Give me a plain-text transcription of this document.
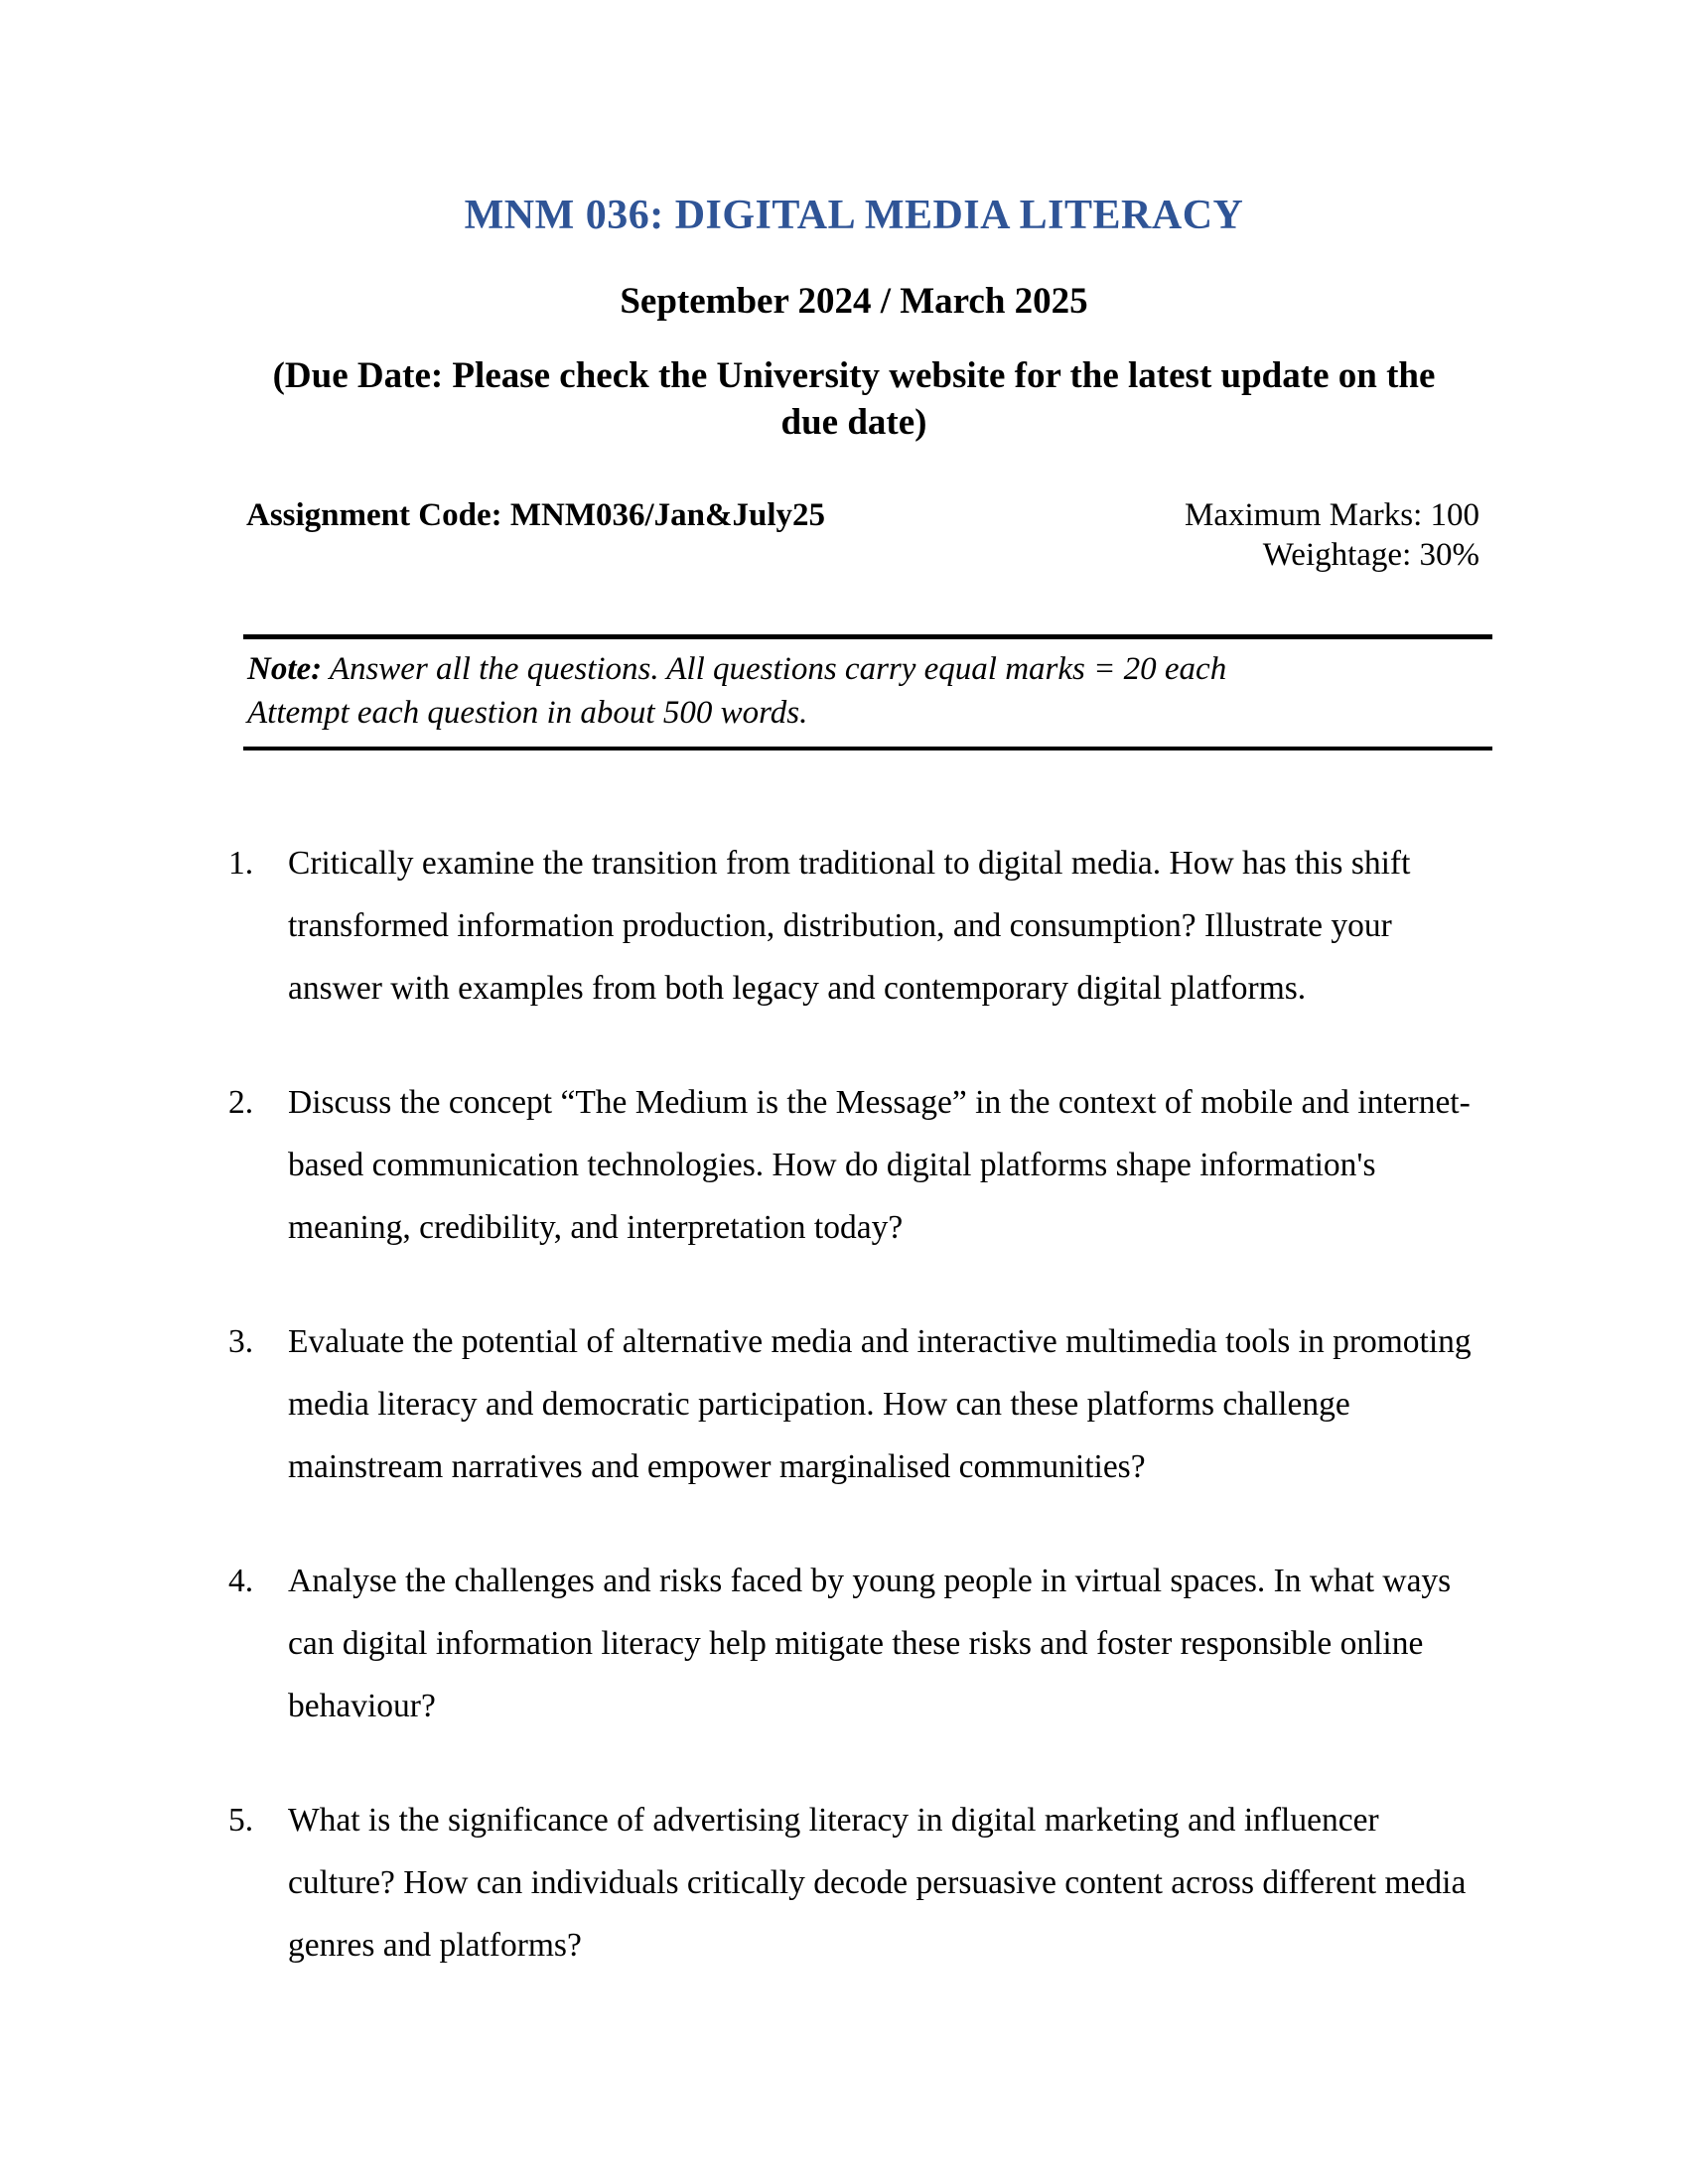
MNM 036: DIGITAL MEDIA LITERACY
September 2024 / March 2025
(Due Date: Please check the University website for the latest update on the due date)
Assignment Code: MNM036/Jan&July25	Maximum Marks: 100
Weightage: 30%
Note: Answer all the questions. All questions carry equal marks = 20 each
Attempt each question in about 500 words.
1.	Critically examine the transition from traditional to digital media. How has this shift transformed information production, distribution, and consumption? Illustrate your answer with examples from both legacy and contemporary digital platforms.
2.	Discuss the concept “The Medium is the Message” in the context of mobile and internet-based communication technologies. How do digital platforms shape information's meaning, credibility, and interpretation today?
3.	Evaluate the potential of alternative media and interactive multimedia tools in promoting media literacy and democratic participation. How can these platforms challenge mainstream narratives and empower marginalised communities?
4.	Analyse the challenges and risks faced by young people in virtual spaces. In what ways can digital information literacy help mitigate these risks and foster responsible online behaviour?
5.	What is the significance of advertising literacy in digital marketing and influencer culture? How can individuals critically decode persuasive content across different media genres and platforms?
